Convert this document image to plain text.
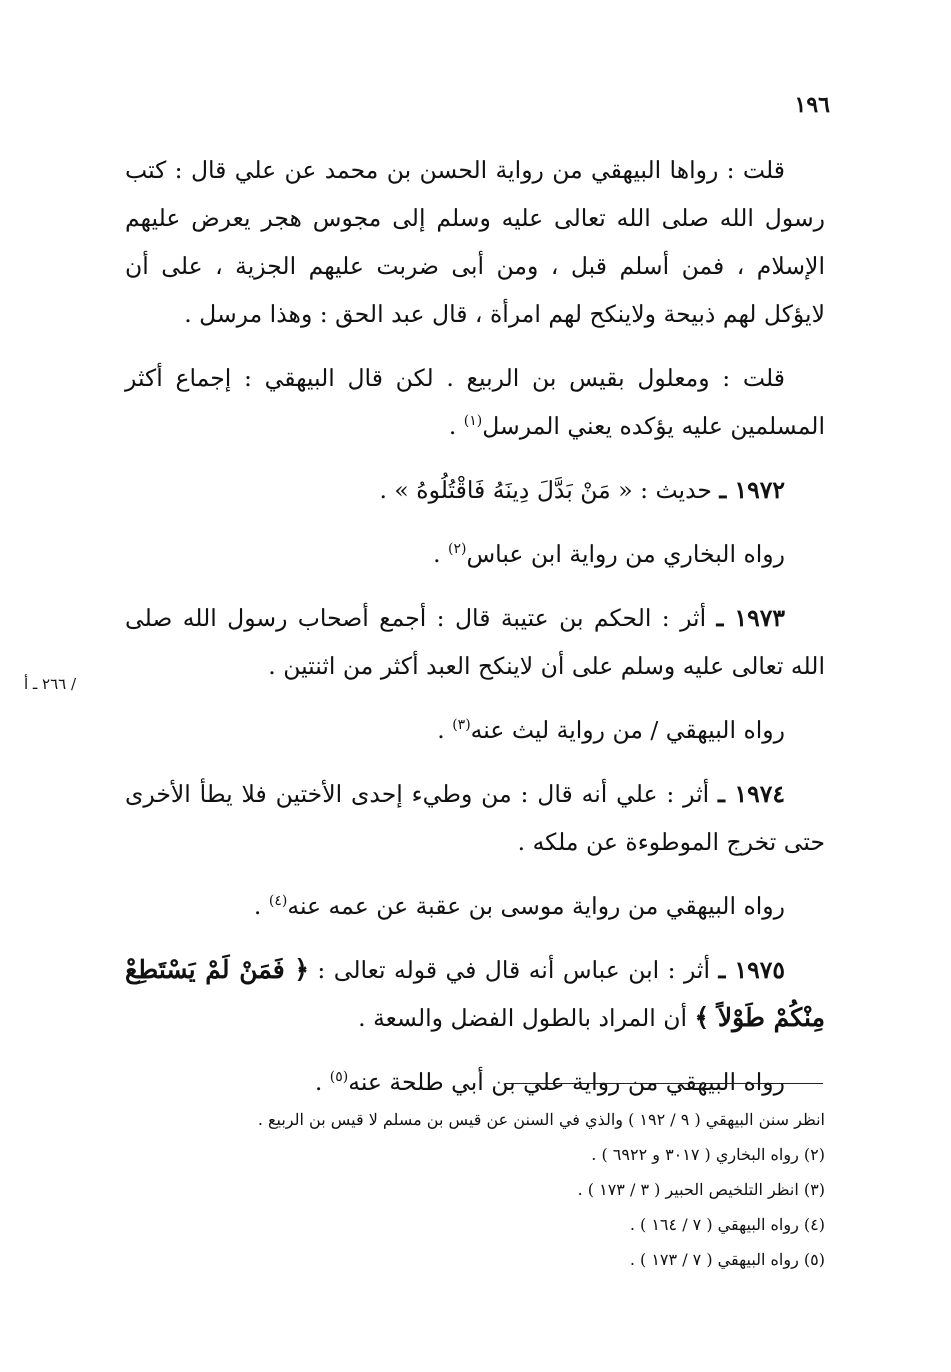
١٩٦
/ ٢٦٦ ـ أ

قلت : رواها البيهقي من رواية الحسن بن محمد عن علي قال : كتب رسول الله صلى الله تعالى عليه وسلم إلى مجوس هجر يعرض عليهم الإسلام ، فمن أسلم قبل ، ومن أبى ضربت عليهم الجزية ، على أن لايؤكل لهم ذبيحة ولاينكح لهم امرأة ، قال عبد الحق : وهذا مرسل .

قلت : ومعلول بقيس بن الربيع . لكن قال البيهقي : إجماع أكثر المسلمين عليه يؤكده يعني المرسل$^{(١)}$ .

١٩٧٢ ـ حديث : « مَنْ بَدَّلَ دِينَهُ فَاقْتُلُوهُ » .

رواه البخاري من رواية ابن عباس$^{(٢)}$ .

١٩٧٣ ـ أثر : الحكم بن عتيبة قال : أجمع أصحاب رسول الله صلى الله تعالى عليه وسلم على أن لاينكح العبد أكثر من اثنتين .

رواه البيهقي / من رواية ليث عنه$^{(٣)}$ .

١٩٧٤ ـ أثر : علي أنه قال : من وطيء إحدى الأختين فلا يطأ الأخرى حتى تخرج الموطوءة عن ملكه .

رواه البيهقي من رواية موسى بن عقبة عن عمه عنه$^{(٤)}$ .

١٩٧٥ ـ أثر : ابن عباس أنه قال في قوله تعالى : ﴿ فَمَنْ لَمْ يَسْتَطِعْ مِنْكُمْ طَوْلاً ﴾ أن المراد بالطول الفضل والسعة .

رواه البيهقي من رواية علي بن أبي طلحة عنه$^{(٥)}$ .

انظر سنن البيهقي ( ٩ / ١٩٢ ) والذي في السنن عن قيس بن مسلم لا قيس بن الربيع .

(٢) رواه البخاري ( ٣٠١٧ و ٦٩٢٢ ) .

(٣) انظر التلخيص الحبير ( ٣ / ١٧٣ ) .

(٤) رواه البيهقي ( ٧ / ١٦٤ ) .

(٥) رواه البيهقي ( ٧ / ١٧٣ ) .
